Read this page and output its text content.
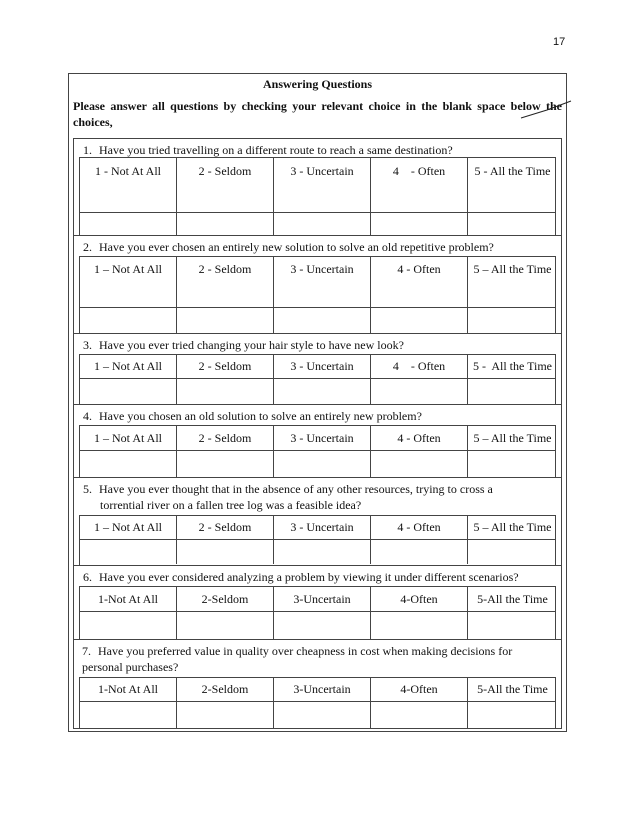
17
Answering Questions
Please answer all questions by checking your relevant choice in the blank space below the
choices,
1. Have you tried travelling on a different route to reach a same destination?
1 - Not At All	2 - Seldom	3 - Uncertain	4    - Often	5 - All the Time
2. Have you ever chosen an entirely new solution to solve an old repetitive problem?
1 – Not At All	2 - Seldom	3 - Uncertain	4 - Often	5 – All the Time
3. Have you ever tried changing your hair style to have new look?
1 – Not At All	2 - Seldom	3 - Uncertain	4    - Often	5 -  All the Time
4. Have you chosen an old solution to solve an entirely new problem?
1 – Not At All	2 - Seldom	3 - Uncertain	4 - Often	5 – All the Time
5. Have you ever thought that in the absence of any other resources, trying to cross a
torrential river on a fallen tree log was a feasible idea?
1 – Not At All	2 - Seldom	3 - Uncertain	4 - Often	5 – All the Time
6. Have you ever considered analyzing a problem by viewing it under different scenarios?
1-Not At All	2-Seldom	3-Uncertain	4-Often	5-All the Time
7. Have you preferred value in quality over cheapness in cost when making decisions for
personal purchases?
1-Not At All	2-Seldom	3-Uncertain	4-Often	5-All the Time
